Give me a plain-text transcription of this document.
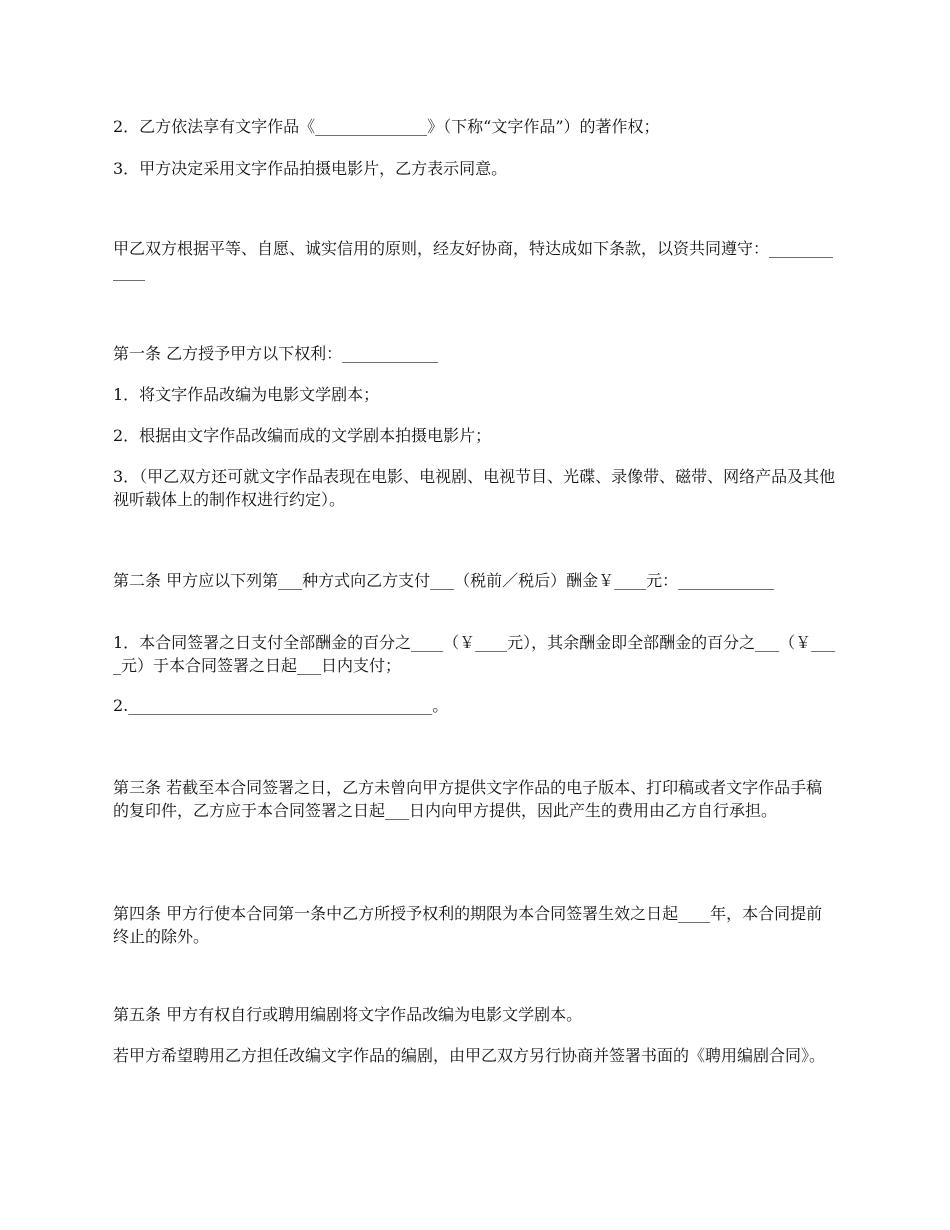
2．乙方依法享有文字作品《______________》（下称“文字作品”）的著作权；

3．甲方决定采用文字作品拍摄电影片，乙方表示同意。

甲乙双方根据平等、自愿、诚实信用的原则，经友好协商，特达成如下条款，以资共同遵守：____________

第一条 乙方授予甲方以下权利：____________

1．将文字作品改编为电影文学剧本；

2．根据由文字作品改编而成的文学剧本拍摄电影片；

3．（甲乙双方还可就文字作品表现在电影、电视剧、电视节目、光碟、录像带、磁带、网络产品及其他视听载体上的制作权进行约定）。

第二条 甲方应以下列第___种方式向乙方支付___（税前／税后）酬金￥____元：____________

1．本合同签署之日支付全部酬金的百分之____（￥____元），其余酬金即全部酬金的百分之___（￥____元）于本合同签署之日起___日内支付；

2.______________________________________。

第三条 若截至本合同签署之日，乙方未曾向甲方提供文字作品的电子版本、打印稿或者文字作品手稿的复印件，乙方应于本合同签署之日起___日内向甲方提供，因此产生的费用由乙方自行承担。

第四条 甲方行使本合同第一条中乙方所授予权利的期限为本合同签署生效之日起____年，本合同提前终止的除外。

第五条 甲方有权自行或聘用编剧将文字作品改编为电影文学剧本。

若甲方希望聘用乙方担任改编文字作品的编剧，由甲乙双方另行协商并签署书面的《聘用编剧合同》。
